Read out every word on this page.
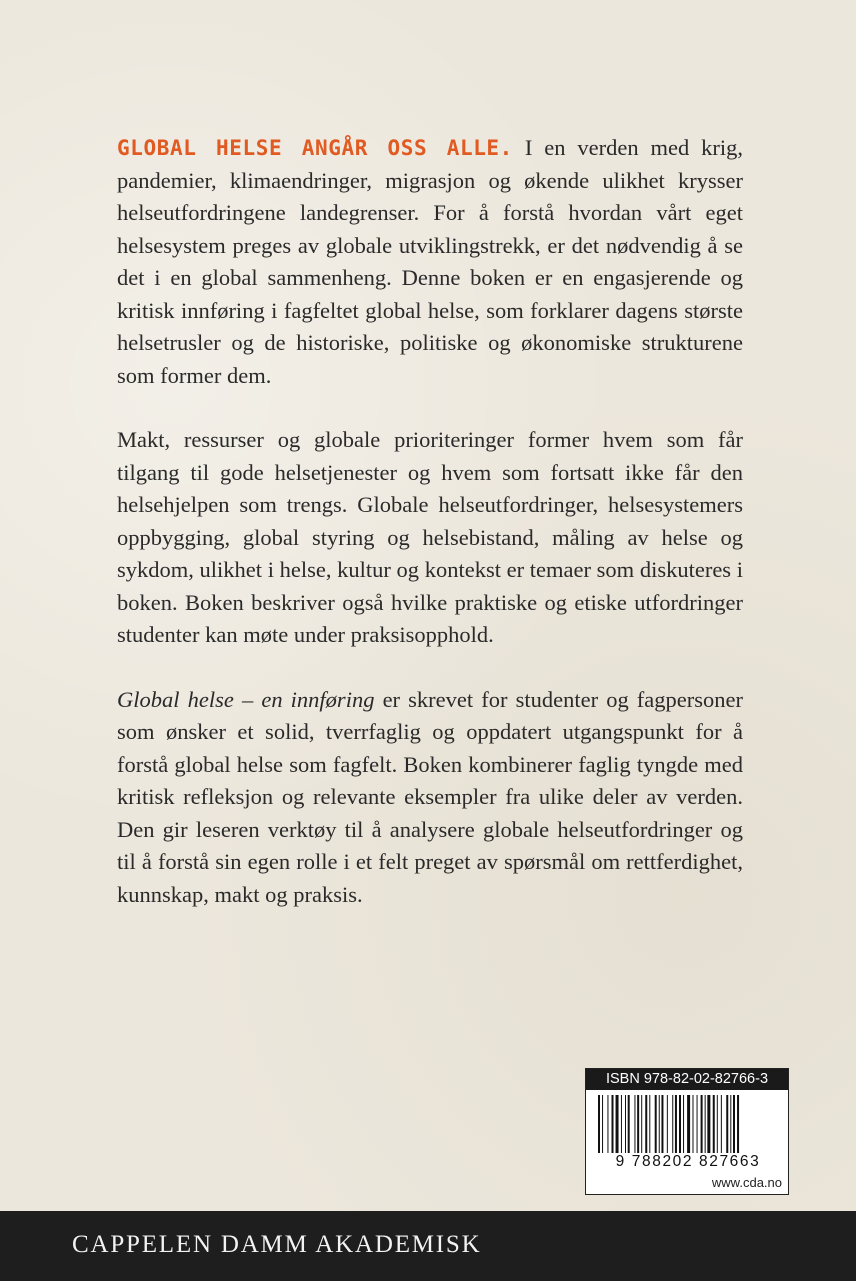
GLOBAL HELSE ANGÅR OSS ALLE. I en verden med krig, pandemier, klimaendringer, migrasjon og økende ulikhet krysser helseutfordringene landegrenser. For å forstå hvordan vårt eget helsesystem preges av globale utviklingstrekk, er det nødvendig å se det i en global sammenheng. Denne boken er en engasjerende og kritisk innføring i fagfeltet global helse, som forklarer dagens største helsetrusler og de historiske, politiske og økonomiske strukturene som former dem.

Makt, ressurser og globale prioriteringer former hvem som får tilgang til gode helsetjenester og hvem som fortsatt ikke får den helsehjelpen som trengs. Globale helseutfordringer, helsesystemers oppbygging, global styring og helsebistand, måling av helse og sykdom, ulikhet i helse, kultur og kontekst er temaer som diskuteres i boken. Boken beskriver også hvilke praktiske og etiske utfordringer studenter kan møte under praksisopphold.

Global helse – en innføring er skrevet for studenter og fagpersoner som ønsker et solid, tverrfaglig og oppdatert utgangspunkt for å forstå global helse som fagfelt. Boken kombinerer faglig tyngde med kritisk refleksjon og relevante eksempler fra ulike deler av verden. Den gir leseren verktøy til å analysere globale helseutfordringer og til å forstå sin egen rolle i et felt preget av spørsmål om rettferdighet, kunnskap, makt og praksis.

ISBN 978-82-02-82766-3
9 788202 827663
www.cda.no
CAPPELEN DAMM AKADEMISK
